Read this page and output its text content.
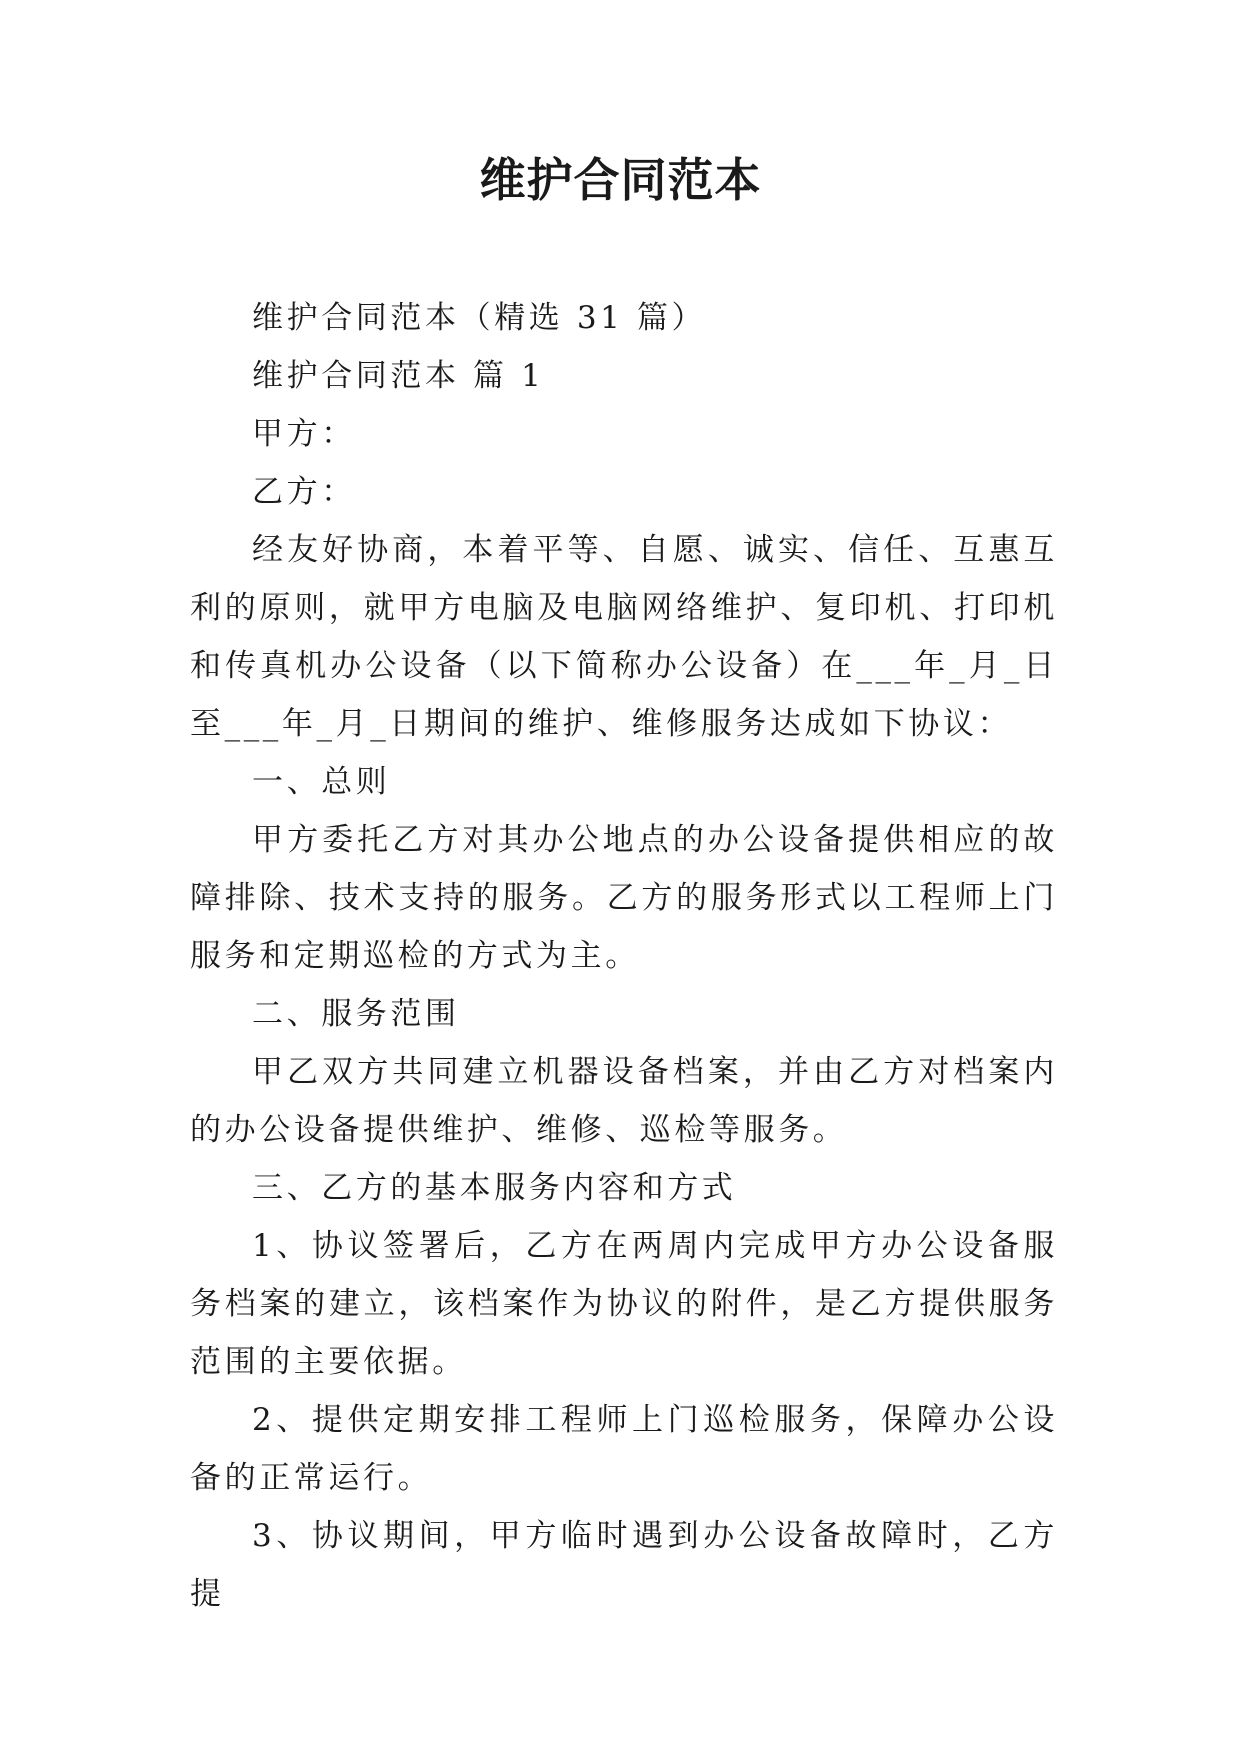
维护合同范本

维护合同范本（精选 31 篇）

维护合同范本 篇 1

甲方：

乙方：

经友好协商，本着平等、自愿、诚实、信任、互惠互利的原则，就甲方电脑及电脑网络维护、复印机、打印机和传真机办公设备（以下简称办公设备）在___年_月_日至___年_月_日期间的维护、维修服务达成如下协议：

一、总则

甲方委托乙方对其办公地点的办公设备提供相应的故障排除、技术支持的服务。乙方的服务形式以工程师上门服务和定期巡检的方式为主。

二、服务范围

甲乙双方共同建立机器设备档案，并由乙方对档案内的办公设备提供维护、维修、巡检等服务。

三、乙方的基本服务内容和方式

1、协议签署后，乙方在两周内完成甲方办公设备服务档案的建立，该档案作为协议的附件，是乙方提供服务范围的主要依据。

2、提供定期安排工程师上门巡检服务，保障办公设备的正常运行。

3、协议期间，甲方临时遇到办公设备故障时，乙方提
